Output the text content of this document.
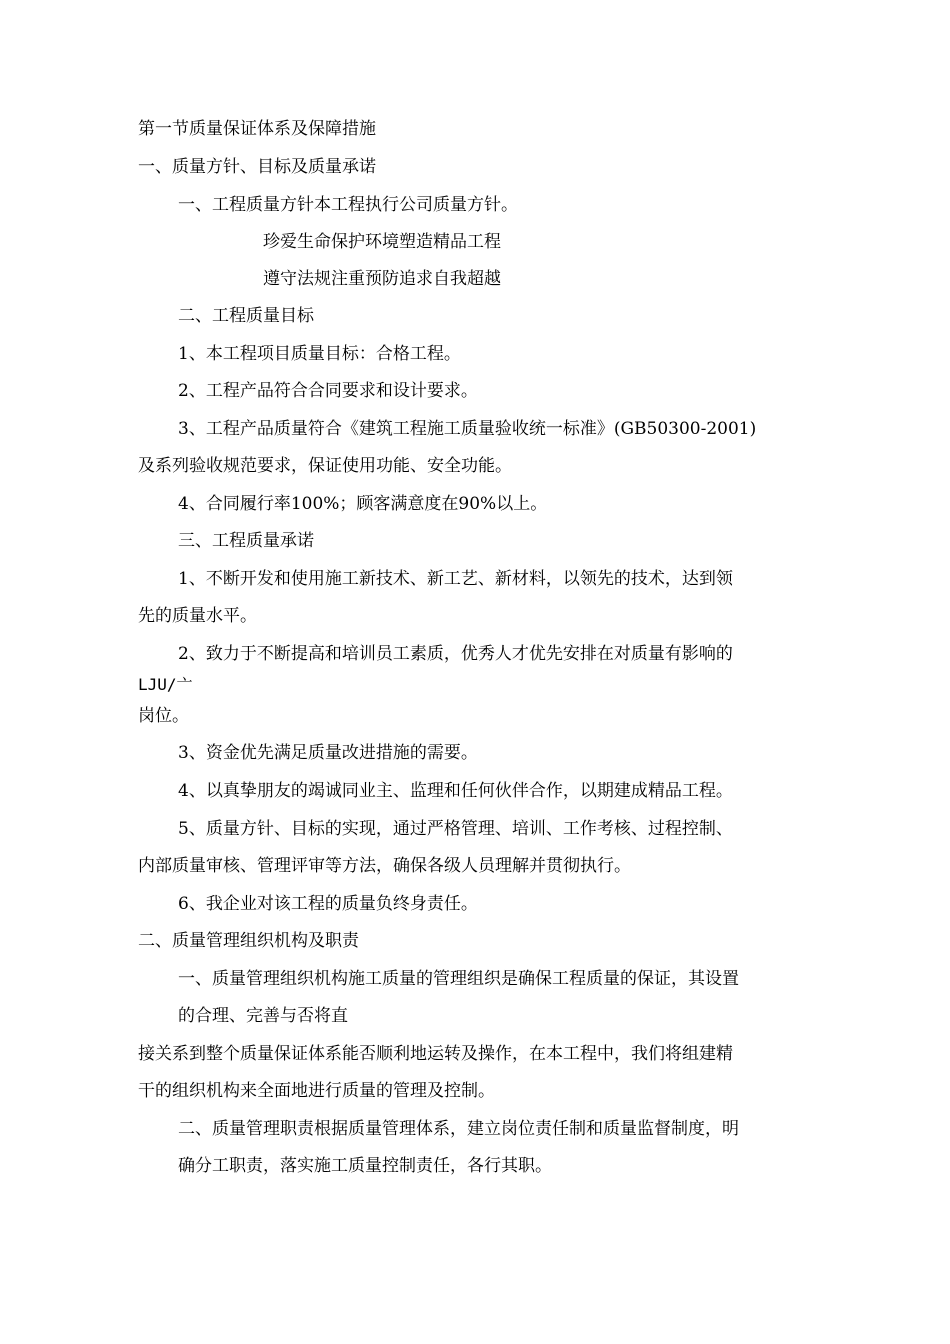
第一节质量保证体系及保障措施

一、质量方针、目标及质量承诺

一、工程质量方针本工程执行公司质量方针。

珍爱生命保护环境塑造精品工程

遵守法规注重预防追求自我超越

二、工程质量目标

1、本工程项目质量目标：合格工程。

2、工程产品符合合同要求和设计要求。

3、工程产品质量符合《建筑工程施工质量验收统一标准》(GB50300-2001)

及系列验收规范要求，保证使用功能、安全功能。

4、合同履行率100%；顾客满意度在90%以上。

三、工程质量承诺

1、不断开发和使用施工新技术、新工艺、新材料，以领先的技术，达到领

先的质量水平。

2、致力于不断提高和培训员工素质，优秀人才优先安排在对质量有影响的

LJU/亠

岗位。

3、资金优先满足质量改进措施的需要。

4、以真挚朋友的竭诚同业主、监理和任何伙伴合作，以期建成精品工程。

5、质量方针、目标的实现，通过严格管理、培训、工作考核、过程控制、

内部质量审核、管理评审等方法，确保各级人员理解并贯彻执行。

6、我企业对该工程的质量负终身责任。

二、质量管理组织机构及职责

一、质量管理组织机构施工质量的管理组织是确保工程质量的保证，其设置

的合理、完善与否将直

接关系到整个质量保证体系能否顺利地运转及操作，在本工程中，我们将组建精

干的组织机构来全面地进行质量的管理及控制。

二、质量管理职责根据质量管理体系，建立岗位责任制和质量监督制度，明

确分工职责，落实施工质量控制责任，各行其职。
